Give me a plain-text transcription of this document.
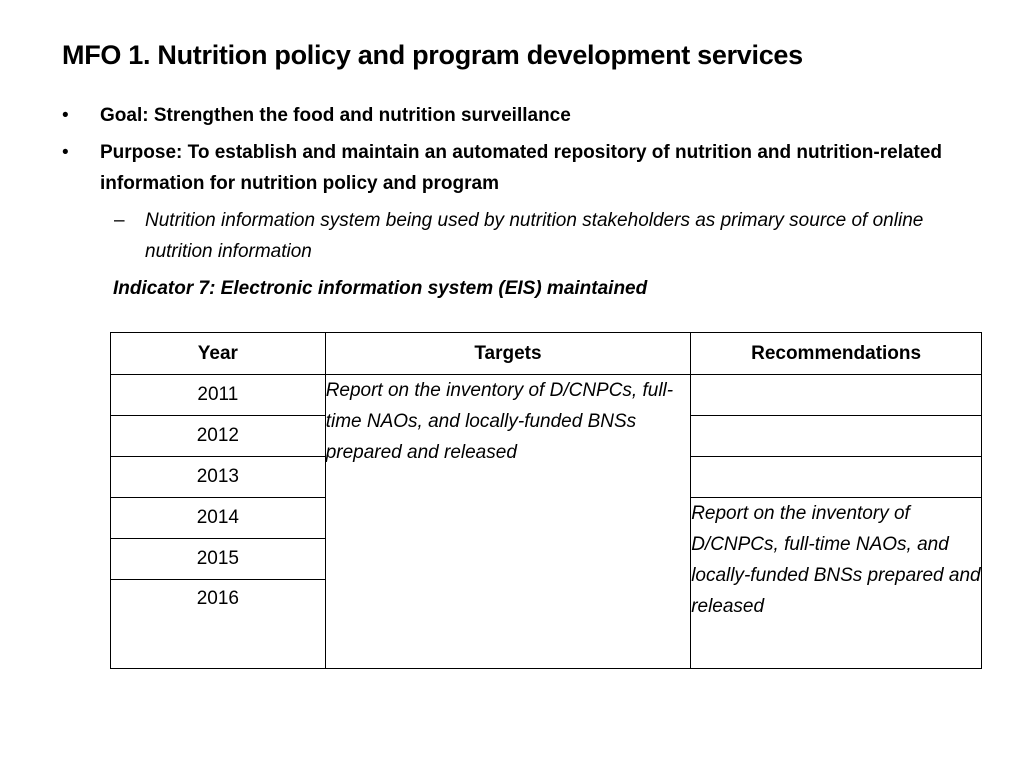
MFO 1. Nutrition policy and program development services
• Goal: Strengthen the food and nutrition surveillance
• Purpose: To establish and maintain an automated repository of nutrition and nutrition-related information for nutrition policy and program
– Nutrition information system being used by nutrition stakeholders as primary source of online nutrition information
Indicator 7: Electronic information system (EIS) maintained
Year	Targets	Recommendations
2011	Report on the inventory of D/CNPCs, full-time NAOs, and locally-funded BNSs prepared and released	
2012		
2013		
2014		Report on the inventory of D/CNPCs, full-time NAOs, and locally-funded BNSs prepared and released
2015		
2016		
